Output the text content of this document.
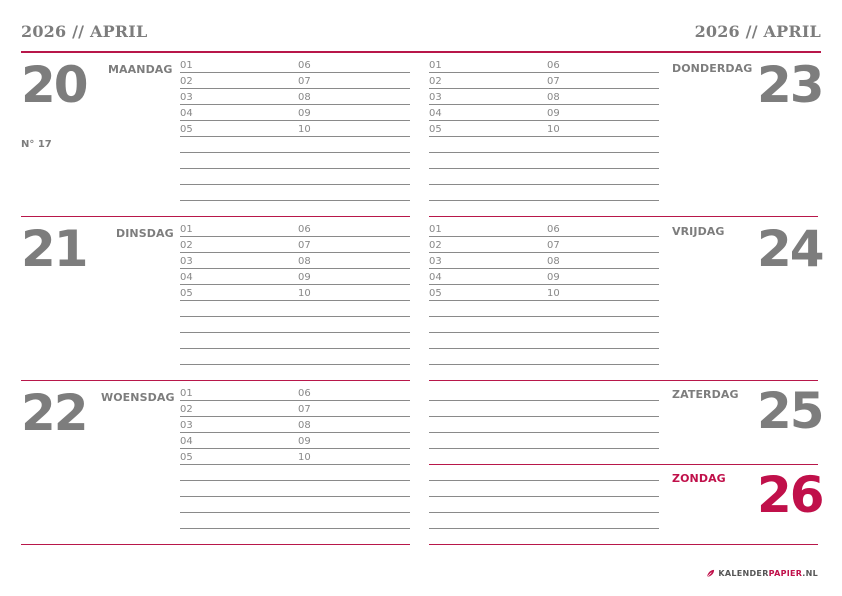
2026 // APRIL	2026 // APRIL
20 MAANDAG
N° 17
21	DINSDAG
22 WOENSDAG
DONDERDAG 23
VRIJDAG 24
ZATERDAG 25
ZONDAG 26
01	06
02	07
03	08
04	09
05	10
01	06
02	07
03	08
04	09
05	10
01	06
02	07
03	08
04	09
05	10
01	06
02	07
03	08
04	09
05	10
01	06
02	07
03	08
04	09
05	10
KALENDER PAPIER .NL
